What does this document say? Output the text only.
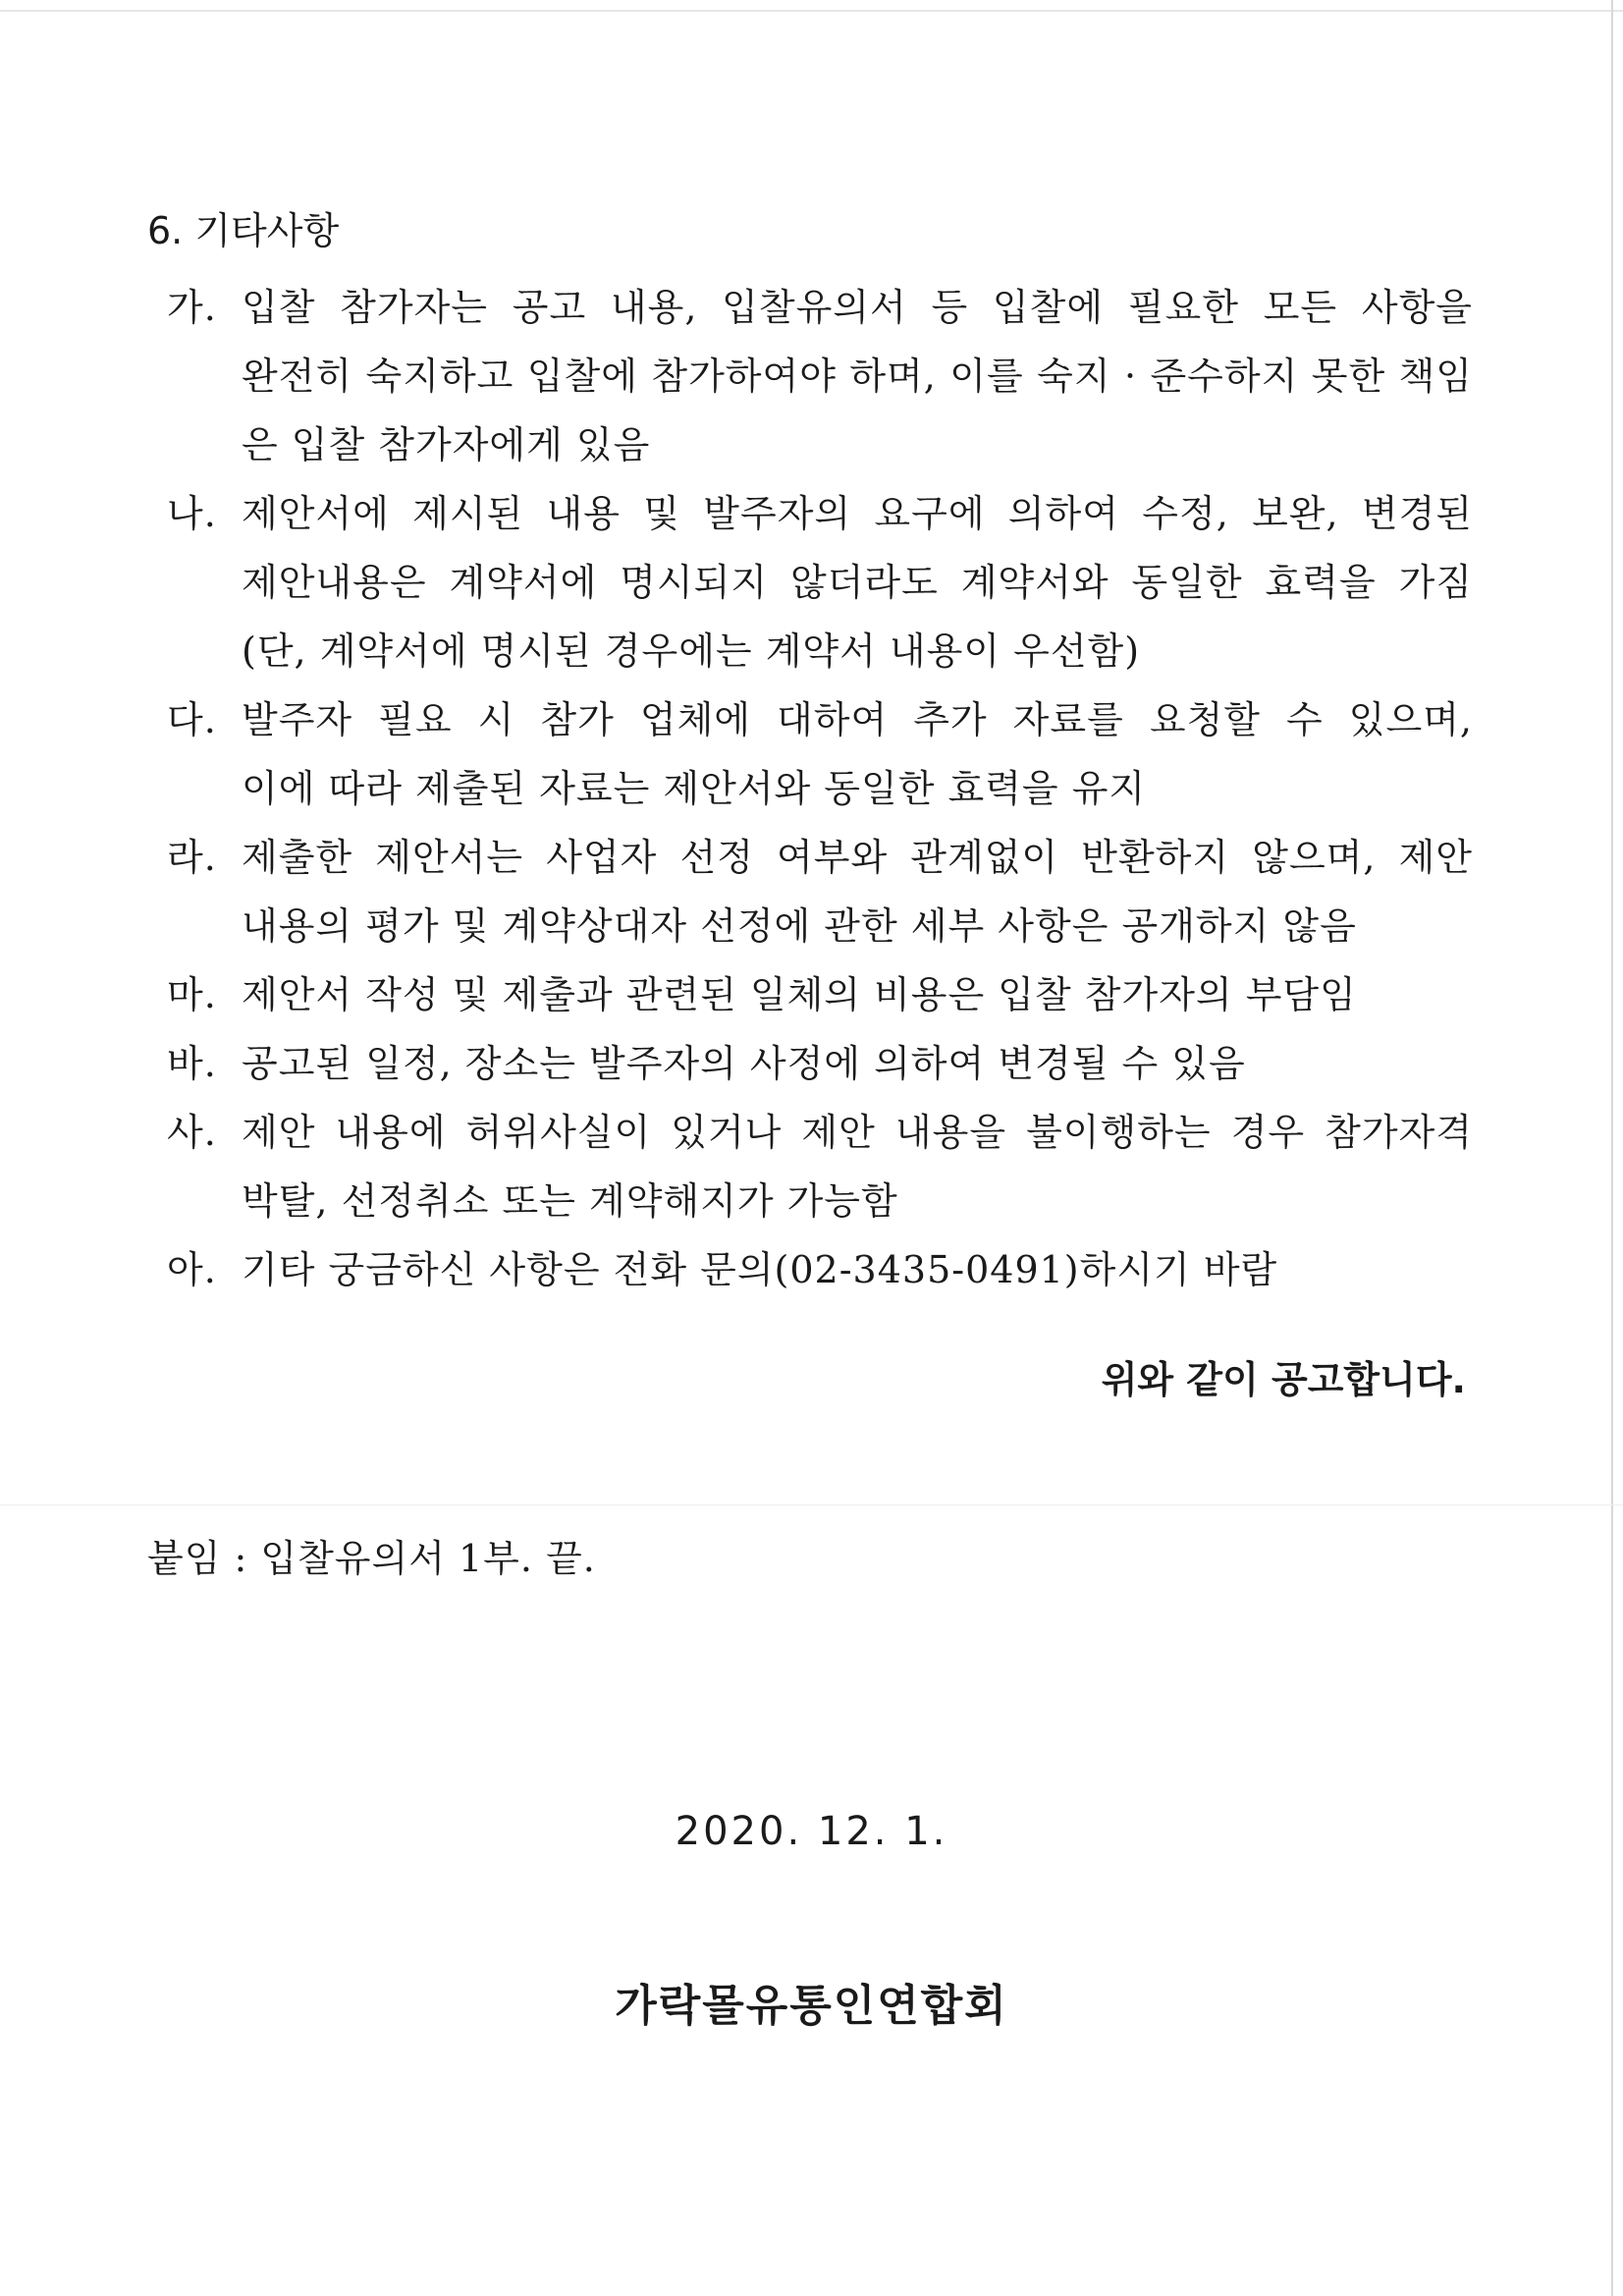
6. 기타사항
가. 입찰 참가자는 공고 내용, 입찰유의서 등 입찰에 필요한 모든 사항을
완전히 숙지하고 입찰에 참가하여야 하며, 이를 숙지 · 준수하지 못한 책임
은 입찰 참가자에게 있음
나. 제안서에 제시된 내용 및 발주자의 요구에 의하여 수정, 보완, 변경된
제안내용은 계약서에 명시되지 않더라도 계약서와 동일한 효력을 가짐
(단, 계약서에 명시된 경우에는 계약서 내용이 우선함)
다. 발주자 필요 시 참가 업체에 대하여 추가 자료를 요청할 수 있으며,
이에 따라 제출된 자료는 제안서와 동일한 효력을 유지
라. 제출한 제안서는 사업자 선정 여부와 관계없이 반환하지 않으며, 제안
내용의 평가 및 계약상대자 선정에 관한 세부 사항은 공개하지 않음
마. 제안서 작성 및 제출과 관련된 일체의 비용은 입찰 참가자의 부담임
바. 공고된 일정, 장소는 발주자의 사정에 의하여 변경될 수 있음
사. 제안 내용에 허위사실이 있거나 제안 내용을 불이행하는 경우 참가자격
박탈, 선정취소 또는 계약해지가 가능함
아. 기타 궁금하신 사항은 전화 문의(02-3435-0491)하시기 바람
위와 같이 공고합니다.
붙임 : 입찰유의서 1부. 끝.
2020. 12. 1.
가락몰유통인연합회
